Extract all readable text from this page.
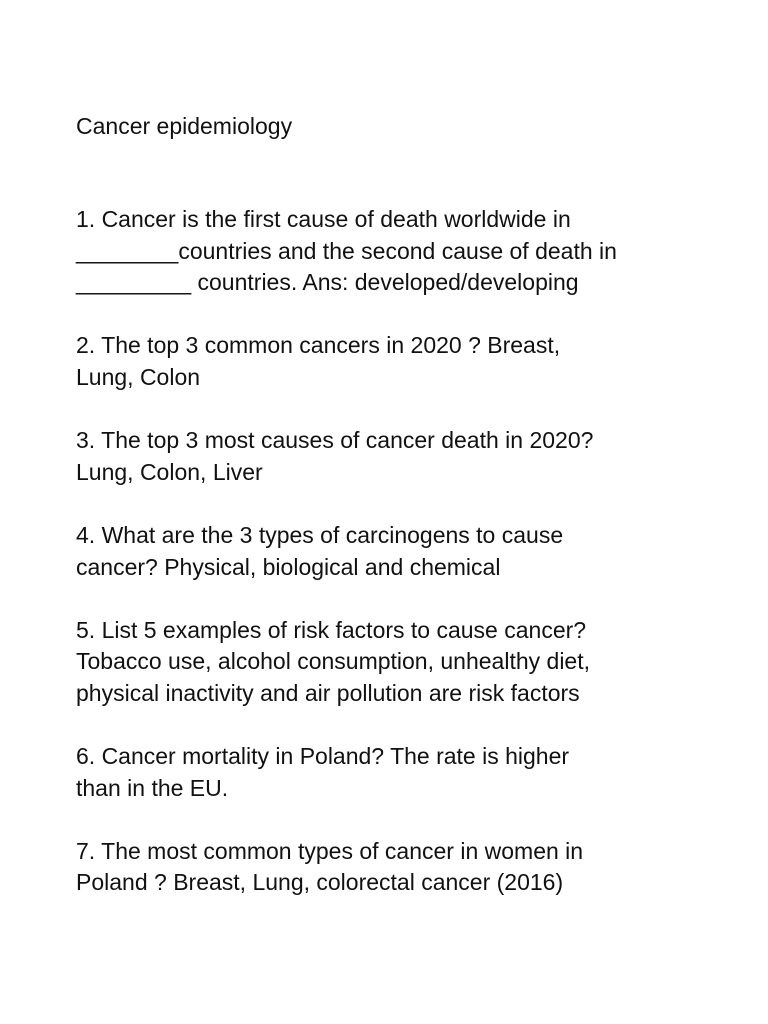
Cancer epidemiology

1. Cancer is the first cause of death worldwide in
________countries and the second cause of death in
_________ countries. Ans: developed/developing

2. The top 3 common cancers in 2020 ? Breast,
Lung, Colon

3. The top 3 most causes of cancer death in 2020?
Lung, Colon, Liver

4. What are the 3 types of carcinogens to cause
cancer? Physical, biological and chemical

5. List 5 examples of risk factors to cause cancer?
Tobacco use, alcohol consumption, unhealthy diet,
physical inactivity and air pollution are risk factors

6. Cancer mortality in Poland? The rate is higher
than in the EU.

7. The most common types of cancer in women in
Poland ? Breast, Lung, colorectal cancer (2016)
